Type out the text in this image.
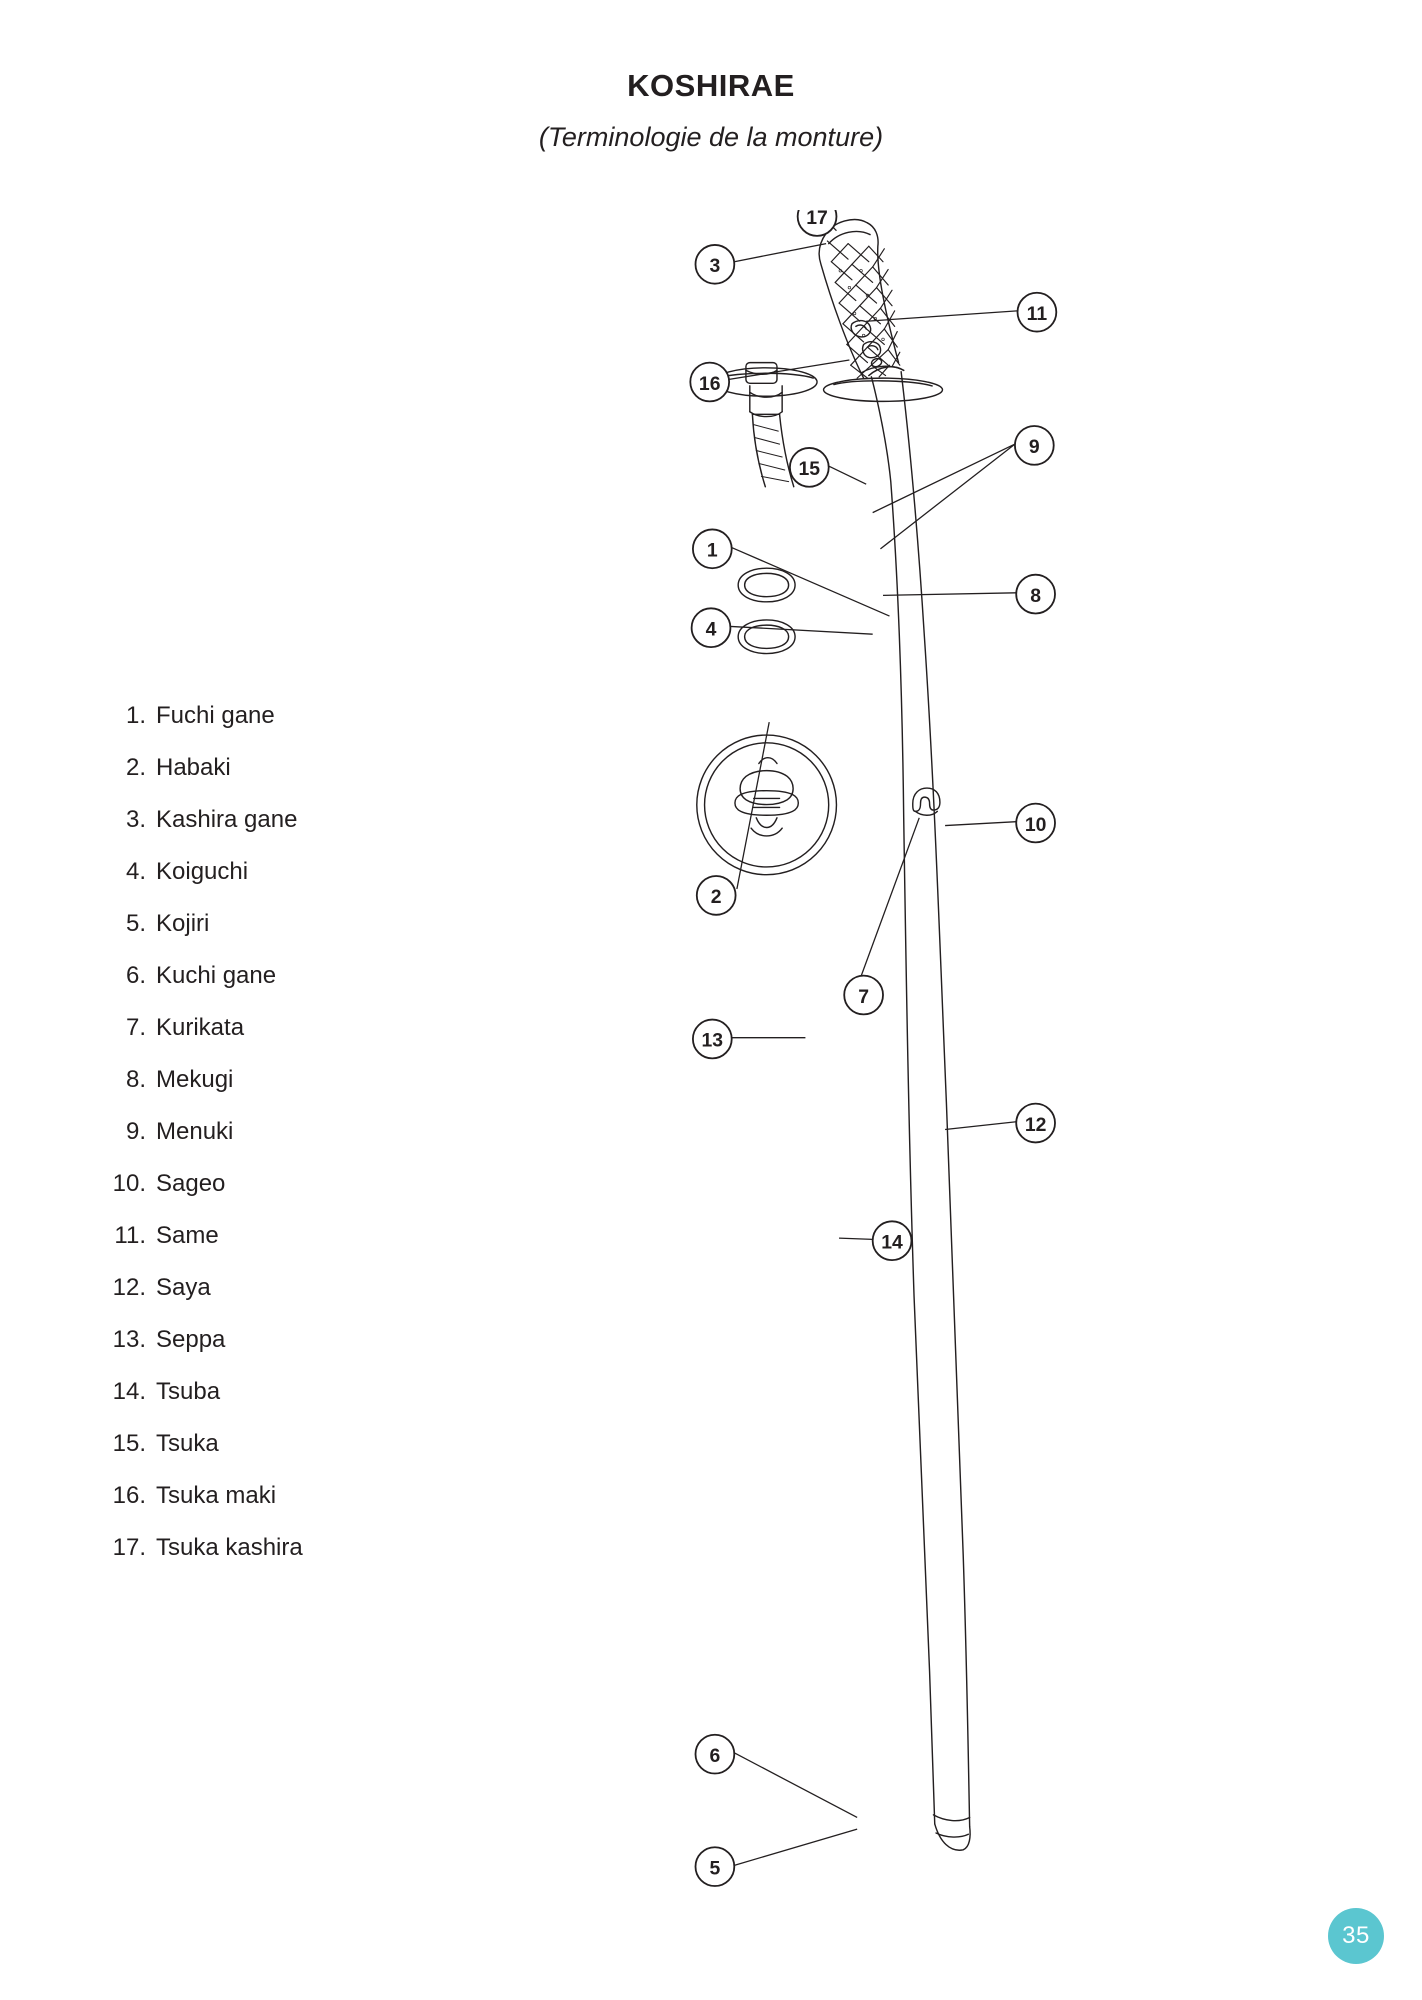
KOSHIRAE
(Terminologie de la monture)
1. Fuchi gane
2. Habaki
3. Kashira gane
4. Koiguchi
5. Kojiri
6. Kuchi gane
7. Kurikata
8. Mekugi
9. Menuki
10. Sageo
11. Same
12. Saya
13. Seppa
14. Tsuba
15. Tsuka
16. Tsuka maki
17. Tsuka kashira
17
3
11
16
9
15
1
8
4
10
2
7
13
12
14
6
5
35
